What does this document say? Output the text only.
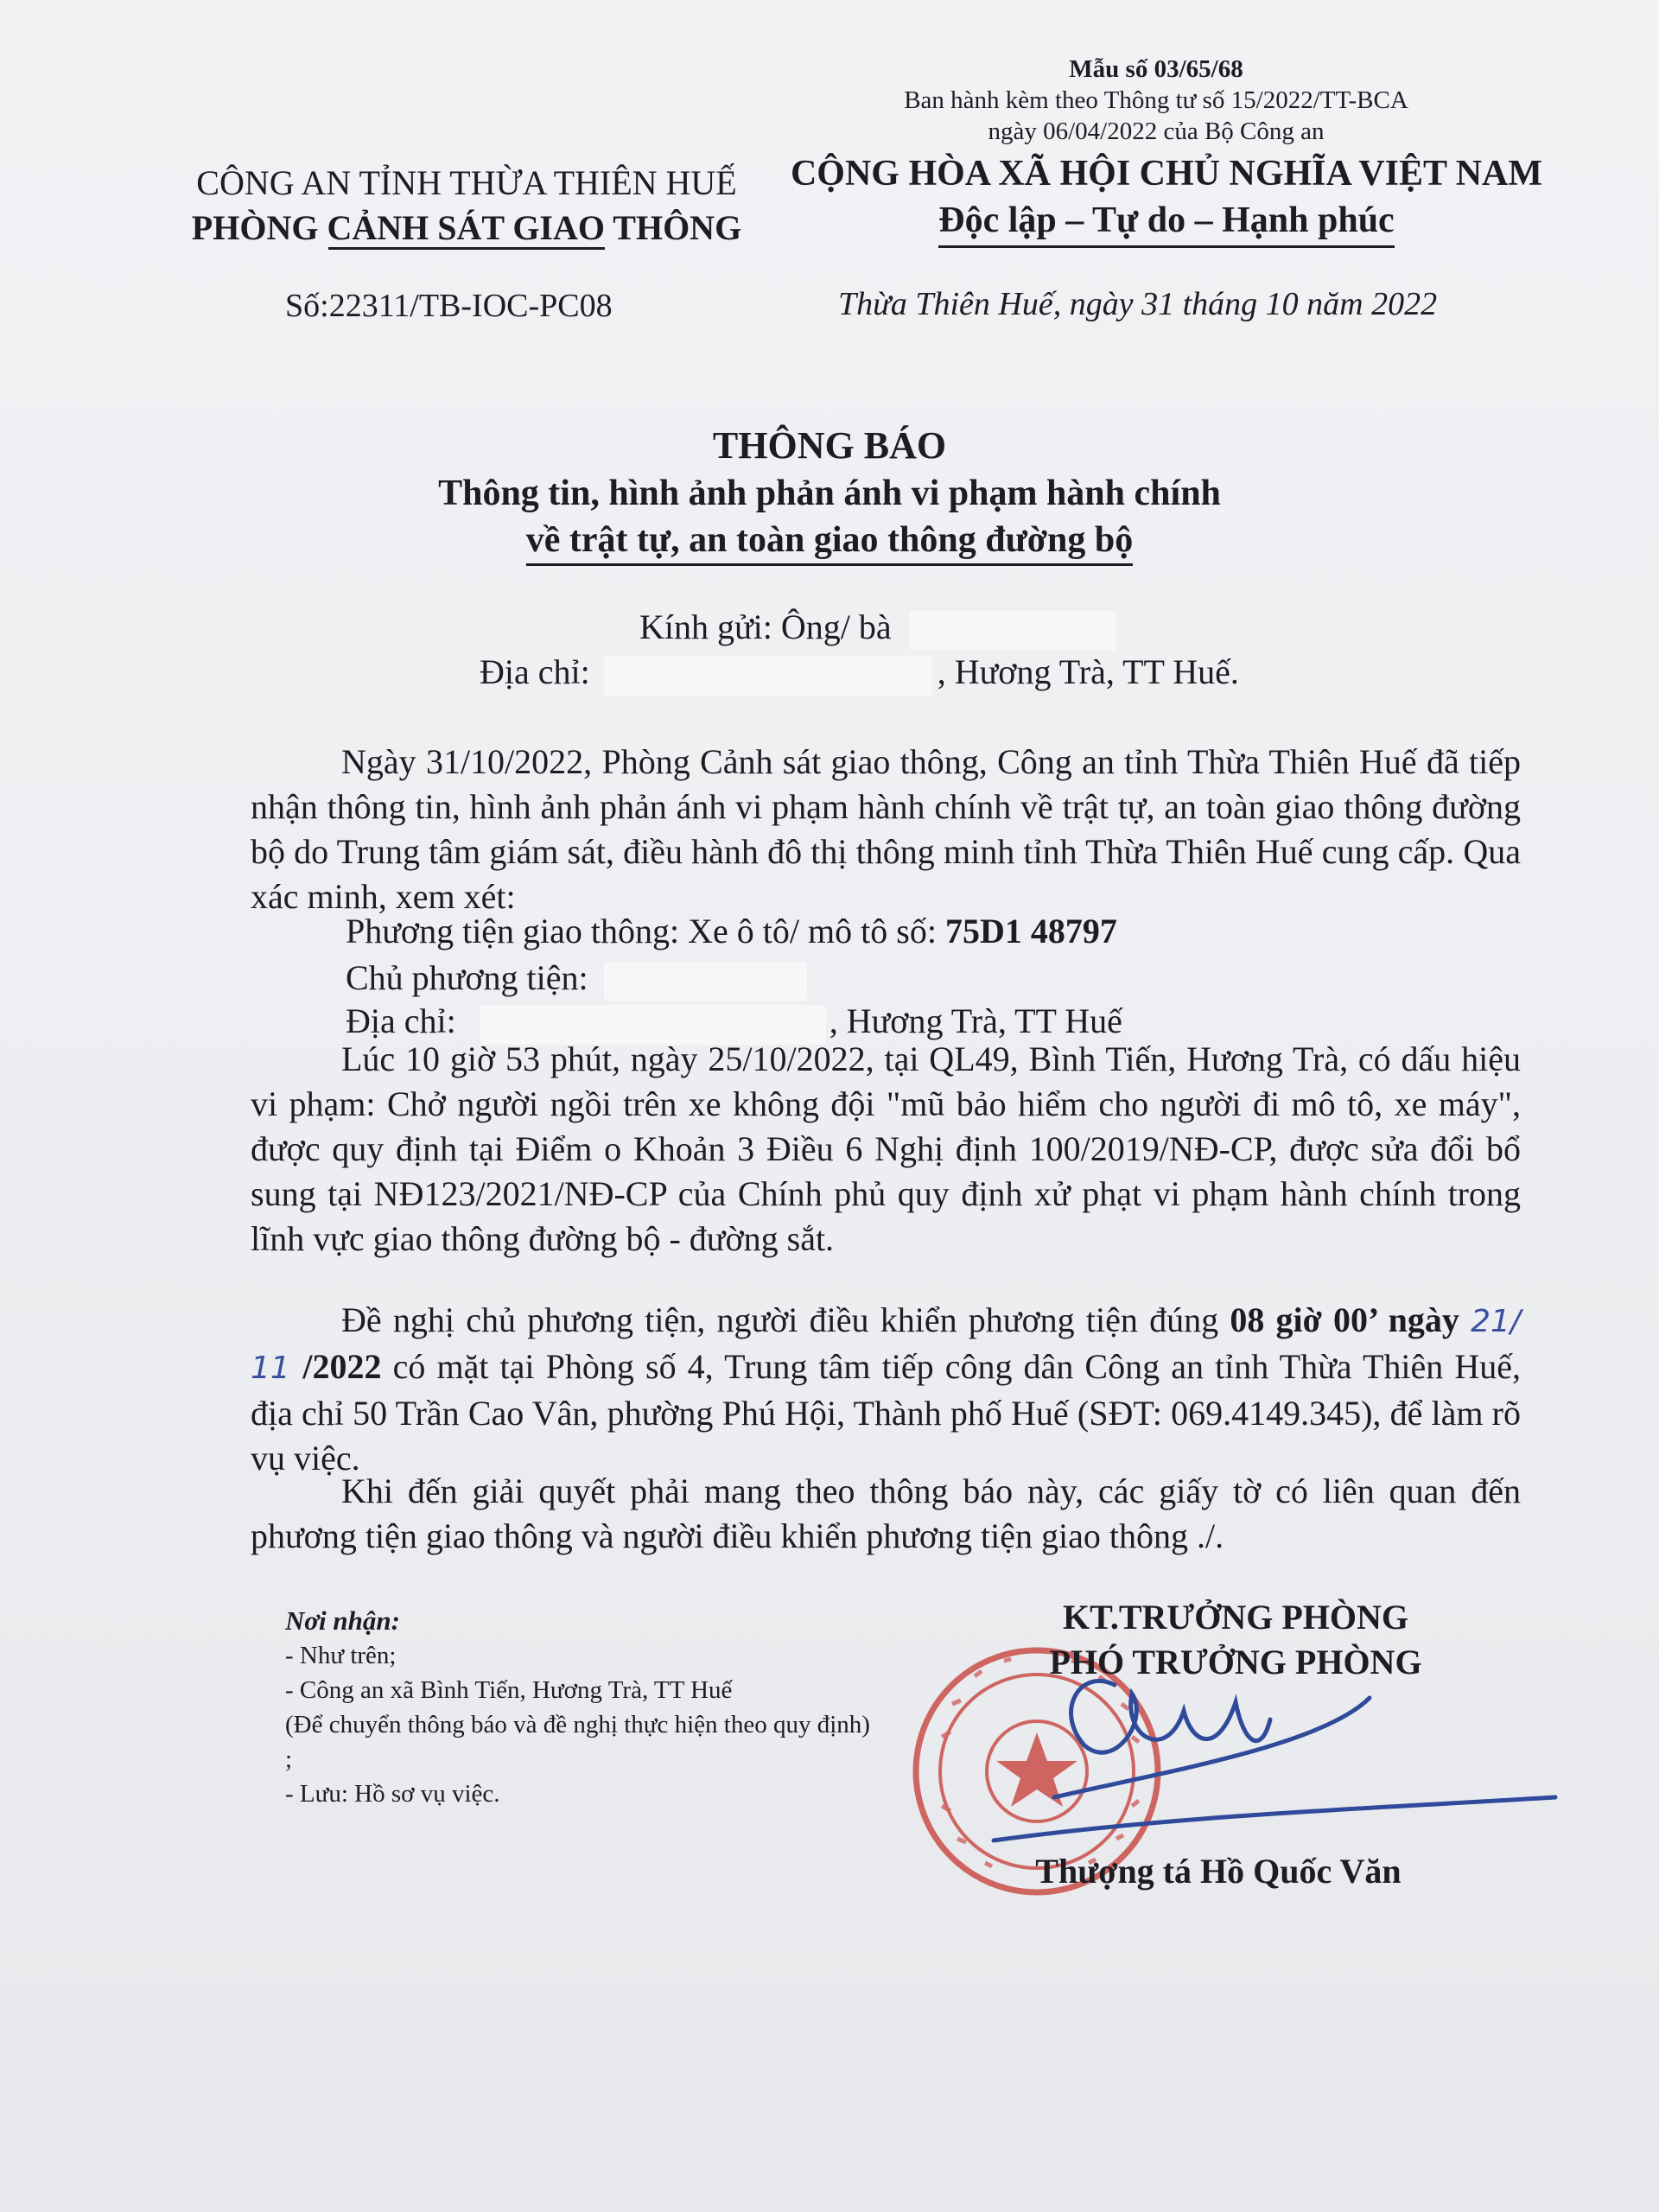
Mẫu số 03/65/68
Ban hành kèm theo Thông tư số 15/2022/TT-BCA
ngày 06/04/2022 của Bộ Công an
CÔNG AN TỈNH THỪA THIÊN HUẾ
PHÒNG CẢNH SÁT GIAO THÔNG
CỘNG HÒA XÃ HỘI CHỦ NGHĨA VIỆT NAM
Độc lập – Tự do – Hạnh phúc
Số:22311/TB-IOC-PC08	Thừa Thiên Huế, ngày 31 tháng 10 năm 2022
THÔNG BÁO
Thông tin, hình ảnh phản ánh vi phạm hành chính
về trật tự, an toàn giao thông đường bộ
Kính gửi: Ông/ bà
Địa chỉ:	, Hương Trà, TT Huế.
Ngày 31/10/2022, Phòng Cảnh sát giao thông, Công an tỉnh Thừa Thiên Huế đã tiếp nhận thông tin, hình ảnh phản ánh vi phạm hành chính về trật tự, an toàn giao thông đường bộ do Trung tâm giám sát, điều hành đô thị thông minh tỉnh Thừa Thiên Huế cung cấp. Qua xác minh, xem xét:
Phương tiện giao thông: Xe ô tô/ mô tô số: 75D1 48797
Chủ phương tiện:
Địa chỉ:	, Hương Trà, TT Huế
Lúc 10 giờ 53 phút, ngày 25/10/2022, tại QL49, Bình Tiến, Hương Trà, có dấu hiệu vi phạm: Chở người ngồi trên xe không đội "mũ bảo hiểm cho người đi mô tô, xe máy", được quy định tại Điểm o Khoản 3 Điều 6 Nghị định 100/2019/NĐ-CP, được sửa đổi bổ sung tại NĐ123/2021/NĐ-CP của Chính phủ quy định xử phạt vi phạm hành chính trong lĩnh vực giao thông đường bộ - đường sắt.
Đề nghị chủ phương tiện, người điều khiển phương tiện đúng 08 giờ 00’ ngày 21/ 11 /2022 có mặt tại Phòng số 4, Trung tâm tiếp công dân Công an tỉnh Thừa Thiên Huế, địa chỉ 50 Trần Cao Vân, phường Phú Hội, Thành phố Huế (SĐT: 069.4149.345), để làm rõ vụ việc.
Khi đến giải quyết phải mang theo thông báo này, các giấy tờ có liên quan đến phương tiện giao thông và người điều khiển phương tiện giao thông ./.
Nơi nhận:
- Như trên;
- Công an xã Bình Tiến, Hương Trà, TT Huế
(Để chuyển thông báo và đề nghị thực hiện theo quy định) ;
- Lưu: Hồ sơ vụ việc.
KT.TRƯỞNG PHÒNG
PHÓ TRƯỞNG PHÒNG
Thượng tá Hồ Quốc Văn
